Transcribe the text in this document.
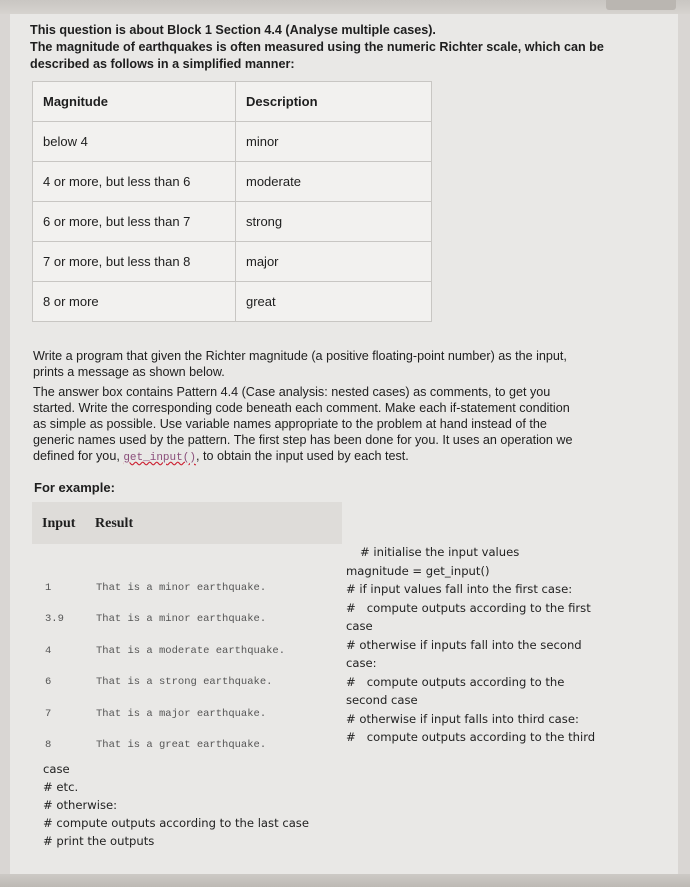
This question is about Block 1 Section 4.4 (Analyse multiple cases).
The magnitude of earthquakes is often measured using the numeric Richter scale, which can be
described as follows in a simplified manner:
Magnitude	Description
below 4	minor
4 or more, but less than 6	moderate
6 or more, but less than 7	strong
7 or more, but less than 8	major
8 or more	great
Write a program that given the Richter magnitude (a positive floating-point number) as the input,
prints a message as shown below.
The answer box contains Pattern 4.4 (Case analysis: nested cases) as comments, to get you
started. Write the corresponding code beneath each comment. Make each if-statement condition
as simple as possible. Use variable names appropriate to the problem at hand instead of the
generic names used by the pattern. The first step has been done for you. It uses an operation we
defined for you, get_input(), to obtain the input used by each test.
For example:
Input Result
1	That is a minor earthquake.
3.9	That is a minor earthquake.
4	That is a moderate earthquake.
6	That is a strong earthquake.
7	That is a major earthquake.
8	That is a great earthquake.
# initialise the input values
magnitude = get_input()
# if input values fall into the first case:
#   compute outputs according to the first
case
# otherwise if inputs fall into the second
case:
#   compute outputs according to the
second case
# otherwise if input falls into third case:
#   compute outputs according to the third
case
# etc.
# otherwise:
# compute outputs according to the last case
# print the outputs
